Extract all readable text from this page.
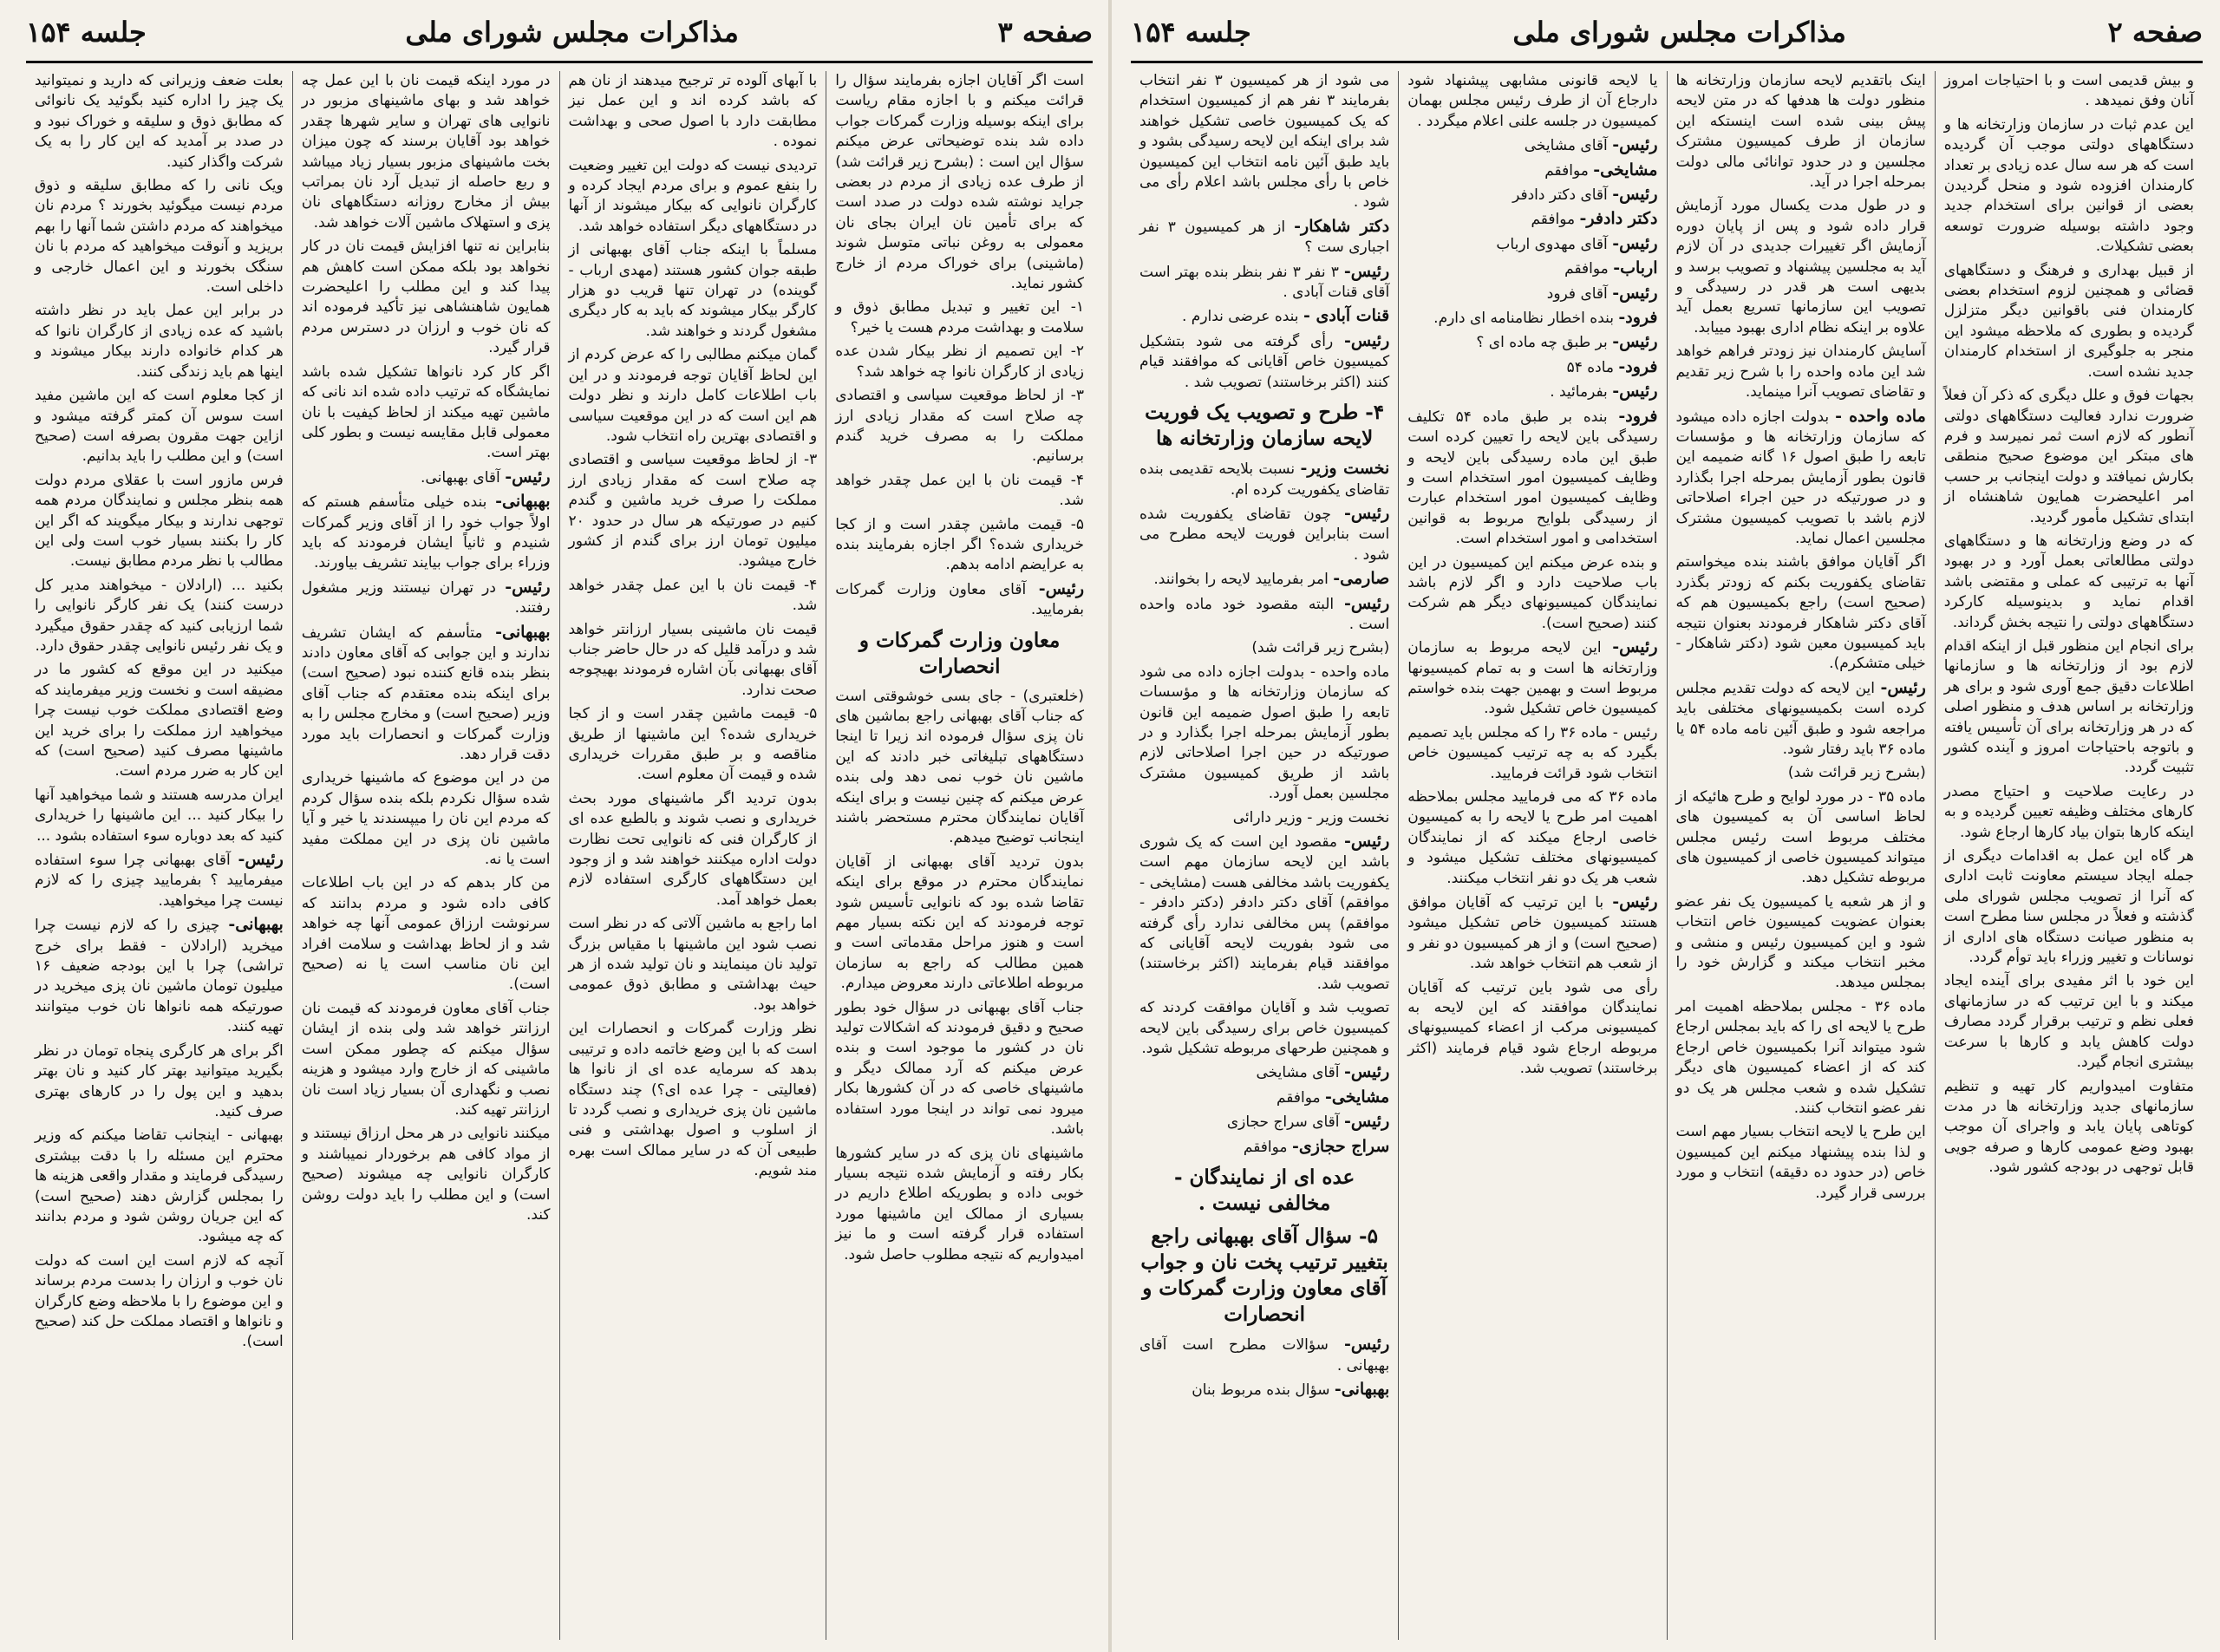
صفحه ۳
مذاکرات مجلس شورای ملی
جلسه ۱۵۴

است اگر آقایان اجازه بفرمایند سؤال را قرائت میکنم و با اجازه مقام ریاست برای اینکه بوسیله وزارت گمرکات جواب داده شد بنده توضیحاتی عرض میکنم سؤال این است : (بشرح زیر قرائت شد) از طرف عده زیادی از مردم در بعضی جراید نوشته شده دولت در صدد است که برای تأمین نان ایران بجای نان معمولی به روغن نباتی متوسل شوند (ماشینی) برای خوراک مردم از خارج کشور نماید.

۱- این تغییر و تبدیل مطابق ذوق و سلامت و بهداشت مردم هست یا خیر؟

۲- این تصمیم از نظر بیکار شدن عده زیادی از کارگران نانوا چه خواهد شد؟

۳- از لحاظ موقعیت سیاسی و اقتصادی چه صلاح است که مقدار زیادی ارز مملکت را به مصرف خرید گندم برسانیم.

۴- قیمت نان با این عمل چقدر خواهد شد.

۵- قیمت ماشین چقدر است و از کجا خریداری شده؟ اگر اجازه بفرمایند بنده به عرایضم ادامه بدهم.

رئیس- آقای معاون وزارت گمرکات بفرمایید.

معاون وزارت گمرکات و انحصارات

(خلعتبری) - جای بسی خوشوقتی است که جناب آقای بهبهانی راجع بماشین های نان پزی سؤال فرموده اند زیرا تا اینجا دستگاههای تبلیغاتی خبر دادند که این ماشین نان خوب نمی دهد ولی بنده عرض میکنم که چنین نیست و برای اینکه آقایان نمایندگان محترم مستحضر باشند اینجانب توضیح میدهم.

بدون تردید آقای بهبهانی از آقایان نمایندگان محترم در موقع برای اینکه تقاضا شده بود که نانوایی تأسیس شود توجه فرمودند که این نکته بسیار مهم است و هنوز مراحل مقدماتی است و همین مطالب که راجع به سازمان مربوطه اطلاعاتی دارند معروض میدارم.

جناب آقای بهبهانی در سؤال خود بطور صحیح و دقیق فرمودند که اشکالات تولید نان در کشور ما موجود است و بنده عرض میکنم که آرد ممالک دیگر و ماشینهای خاصی که در آن کشورها بکار میرود نمی تواند در اینجا مورد استفاده باشد.

ماشینهای نان پزی که در سایر کشورها بکار رفته و آزمایش شده نتیجه بسیار خوبی داده و بطوریکه اطلاع داریم در بسیاری از ممالک این ماشینها مورد استفاده قرار گرفته است و ما نیز امیدواریم که نتیجه مطلوب حاصل شود.

با آبهای آلوده تر ترجیح میدهند از نان هم که باشد کرده اند و این عمل نیز مطابقت دارد با اصول صحی و بهداشت نموده .

تردیدی نیست که دولت این تغییر وضعیت را بنفع عموم و برای مردم ایجاد کرده و کارگران نانوایی که بیکار میشوند از آنها در دستگاههای دیگر استفاده خواهد شد.

مسلماً با اینکه جناب آقای بهبهانی از طبقه جوان کشور هستند (مهدی ارباب - گوینده) در تهران تنها قریب دو هزار کارگر بیکار میشوند که باید به کار دیگری مشغول گردند و خواهند شد.

گمان میکنم مطالبی را که عرض کردم از این لحاظ آقایان توجه فرمودند و در این باب اطلاعات کامل دارند و نظر دولت هم این است که در این موقعیت سیاسی و اقتصادی بهترین راه انتخاب شود.

۳- از لحاظ موقعیت سیاسی و اقتصادی چه صلاح است که مقدار زیادی ارز مملکت را صرف خرید ماشین و گندم کنیم در صورتیکه هر سال در حدود ۲۰ میلیون تومان ارز برای گندم از کشور خارج میشود.

۴- قیمت نان با این عمل چقدر خواهد شد.

قیمت نان ماشینی بسیار ارزانتر خواهد شد و درآمد قلیل که در حال حاضر جناب آقای بهبهانی بآن اشاره فرمودند بهیچوجه صحت ندارد.

۵- قیمت ماشین چقدر است و از کجا خریداری شده؟ این ماشینها از طریق مناقصه و بر طبق مقررات خریداری شده و قیمت آن معلوم است.

بدون تردید اگر ماشینهای مورد بحث خریداری و نصب شوند و بالطبع عده ای از کارگران فنی که نانوایی تحت نظارت دولت اداره میکنند خواهند شد و از وجود این دستگاههای کارگری استفاده لازم بعمل خواهد آمد.

اما راجع به ماشین آلاتی که در نظر است نصب شود این ماشینها با مقیاس بزرگ تولید نان مینمایند و نان تولید شده از هر حیث بهداشتی و مطابق ذوق عمومی خواهد بود.

نظر وزارت گمرکات و انحصارات این است که با این وضع خاتمه داده و ترتیبی بدهد که سرمایه عده ای از نانوا ها (فعالیتی - چرا عده ای؟) چند دستگاه ماشین نان پزی خریداری و نصب گردد تا از اسلوب و اصول بهداشتی و فنی طبیعی آن که در سایر ممالک است بهره مند شویم.

در مورد اینکه قیمت نان با این عمل چه خواهد شد و بهای ماشینهای مزبور در نانوایی های تهران و سایر شهرها چقدر خواهد بود آقایان برسند که چون میزان بخت ماشینهای مزبور بسیار زیاد میباشد و ربع حاصله از تبدیل آرد نان بمراتب بیش از مخارج روزانه دستگاههای نان پزی و استهلاک ماشین آلات خواهد شد.

بنابراین نه تنها افزایش قیمت نان در کار نخواهد بود بلکه ممکن است کاهش هم پیدا کند و این مطلب را اعلیحضرت همایون شاهنشاهی نیز تأکید فرموده اند که نان خوب و ارزان در دسترس مردم قرار گیرد.

اگر کار کرد نانواها تشکیل شده باشد نمایشگاه که ترتیب داده شده اند نانی که ماشین تهیه میکند از لحاظ کیفیت با نان معمولی قابل مقایسه نیست و بطور کلی بهتر است.

رئیس- آقای بهبهانی.

بهبهانی- بنده خیلی متأسفم هستم که اولاً جواب خود را از آقای وزیر گمرکات شنیدم و ثانیاً ایشان فرمودند که باید وزراء برای جواب بیایند تشریف بیاورند.

رئیس- در تهران نیستند وزیر مشغول رفتند.

بهبهانی- متأسفم که ایشان تشریف ندارند و این جوابی که آقای معاون دادند بنظر بنده قانع کننده نبود (صحیح است) برای اینکه بنده معتقدم که جناب آقای وزیر (صحیح است) و مخارج مجلس را به وزارت گمرکات و انحصارات باید مورد دقت قرار دهد.

من در این موضوع که ماشینها خریداری شده سؤال نکردم بلکه بنده سؤال کردم که مردم این نان را میپسندند یا خیر و آیا ماشین نان پزی در این مملکت مفید است یا نه.

من کار بدهم که در این باب اطلاعات کافی داده شود و مردم بدانند که سرنوشت ارزاق عمومی آنها چه خواهد شد و از لحاظ بهداشت و سلامت افراد این نان مناسب است یا نه (صحیح است).

جناب آقای معاون فرمودند که قیمت نان ارزانتر خواهد شد ولی بنده از ایشان سؤال میکنم که چطور ممکن است ماشینی که از خارج وارد میشود و هزینه نصب و نگهداری آن بسیار زیاد است نان ارزانتر تهیه کند.

میکنند نانوایی در هر محل ارزاق نیستند و از مواد کافی هم برخوردار نمیباشند و کارگران نانوایی چه میشوند (صحیح است) و این مطلب را باید دولت روشن کند.

بعلت ضعف وزیرانی که دارید و نمیتوانید یک چیز را اداره کنید بگوئید یک نانوائی که مطابق ذوق و سلیقه و خوراک نبود و در صدد بر آمدید که این کار را به یک شرکت واگذار کنید.

ویک نانی را که مطابق سلیقه و ذوق مردم نیست میگوئید بخورند ؟ مردم نان میخواهند که مردم داشتن شما آنها را بهم بریزید و آنوقت میخواهید که مردم با نان سنگک بخورند و این اعمال خارجی و داخلی است.

در برابر این عمل باید در نظر داشته باشید که عده زیادی از کارگران نانوا که هر کدام خانواده دارند بیکار میشوند و اینها هم باید زندگی کنند.

از کجا معلوم است که این ماشین مفید است سوس آن کمتر گرفته میشود و ازاین جهت مقرون بصرفه است (صحیح است) و این مطلب را باید بدانیم.

فرس مازور است با عقلای مردم دولت همه بنظر مجلس و نمایندگان مردم همه توجهی ندارند و بیکار میگویند که اگر این کار را بکنند بسیار خوب است ولی این مطالب با نظر مردم مطابق نیست.

بکنید ... (ارادلان - میخواهند مدیر کل درست کنند) یک نفر کارگر نانوایی را شما ارزیابی کنید که چقدر حقوق میگیرد و یک نفر رئیس نانوایی چقدر حقوق دارد.

میکنید در این موقع که کشور ما در مضیقه است و نخست وزیر میفرمایند که وضع اقتصادی مملکت خوب نیست چرا میخواهید ارز مملکت را برای خرید این ماشینها مصرف کنید (صحیح است) که این کار به ضرر مردم است.

ایران مدرسه هستند و شما میخواهید آنها را بیکار کنید ... این ماشینها را خریداری کنید که بعد دوباره سوء استفاده بشود ...

رئیس- آقای بهبهانی چرا سوء استفاده میفرمایید ؟ بفرمایید چیزی را که لازم نیست چرا میخواهید.

بهبهانی- چیزی را که لازم نیست چرا میخرید (ارادلان - فقط برای خرج تراشی) چرا با این بودجه ضعیف ۱۶ میلیون تومان ماشین نان پزی میخرید در صورتیکه همه نانواها نان خوب میتوانند تهیه کنند.

اگر برای هر کارگری پنجاه تومان در نظر بگیرید میتوانید بهتر کار کنید و نان بهتر بدهید و این پول را در کارهای بهتری صرف کنید.

بهبهانی - اینجانب تقاضا میکنم که وزیر محترم این مسئله را با دقت بیشتری رسیدگی فرمایند و مقدار واقعی هزینه ها را بمجلس گزارش دهند (صحیح است) که این جریان روشن شود و مردم بدانند که چه میشود.

آنچه که لازم است این است که دولت نان خوب و ارزان را بدست مردم برساند و این موضوع را با ملاحظه وضع کارگران و نانواها و اقتصاد مملکت حل کند (صحیح است).

صفحه ۲
مذاکرات مجلس شورای ملی
جلسه ۱۵۴

و بیش قدیمی است و با احتیاجات امروز آنان وفق نمیدهد .

این عدم ثبات در سازمان وزارتخانه ها و دستگاههای دولتی موجب آن گردیده است که هر سه سال عده زیادی بر تعداد کارمندان افزوده شود و منحل گردیدن بعضی از قوانین برای استخدام جدید وجود داشته بوسیله ضرورت توسعه بعضی تشکیلات.

از قبیل بهداری و فرهنگ و دستگاههای قضائی و همچنین لزوم استخدام بعضی کارمندان فنی باقوانین دیگر متزلزل گردیده و بطوری که ملاحظه میشود این منجر به جلوگیری از استخدام کارمندان جدید نشده است.

بجهات فوق و علل دیگری که ذکر آن فعلاً ضرورت ندارد فعالیت دستگاههای دولتی آنطور که لازم است ثمر نمیرسد و فرم های مبتکر این موضوع صحیح منطقی بکارش نمیافتد و دولت اینجانب بر حسب امر اعلیحضرت همایون شاهنشاه از ابتدای تشکیل مأمور گردید.

که در وضع وزارتخانه ها و دستگاههای دولتی مطالعاتی بعمل آورد و در بهبود آنها به ترتیبی که عملی و مقتضی باشد اقدام نماید و بدینوسیله کارکرد دستگاههای دولتی را نتیجه بخش گرداند.

برای انجام این منظور قبل از اینکه اقدام لازم بود از وزارتخانه ها و سازمانها اطلاعات دقیق جمع آوری شود و برای هر وزارتخانه بر اساس هدف و منظور اصلی که در هر وزارتخانه برای آن تأسیس یافته و باتوجه باحتیاجات امروز و آینده کشور تثبیت گردد.

در رعایت صلاحیت و احتیاج مصدر کارهای مختلف وظیفه تعیین گردیده و به اینکه کارها بتوان بیاد کارها ارجاع شود.

هر گاه این عمل به اقدامات دیگری از جمله ایجاد سیستم معاونت ثابت اداری که آنرا از تصویب مجلس شورای ملی گذشته و فعلاً در مجلس سنا مطرح است به منظور صیانت دستگاه های اداری از نوسانات و تغییر وزراء باید توأم گردد.

این خود با اثر مفیدی برای آینده ایجاد میکند و با این ترتیب که در سازمانهای فعلی نظم و ترتیب برقرار گردد مصارف دولت کاهش یابد و کارها با سرعت بیشتری انجام گیرد.

متفاوت امیدواریم کار تهیه و تنظیم سازمانهای جدید وزارتخانه ها در مدت کوتاهی پایان یابد و واجرای آن موجب بهبود وضع عمومی کارها و صرفه جویی قابل توجهی در بودجه کشور شود.

اینک باتقدیم لایحه سازمان وزارتخانه ها منظور دولت ها هدفها که در متن لایحه پیش بینی شده است اینستکه این سازمان از طرف کمیسیون مشترک مجلسین و در حدود توانائی مالی دولت بمرحله اجرا در آید.

و در طول مدت یکسال مورد آزمایش قرار داده شود و پس از پایان دوره آزمایش اگر تغییرات جدیدی در آن لازم آید به مجلسین پیشنهاد و تصویب برسد و بدیهی است هر قدر در رسیدگی و تصویب این سازمانها تسریع بعمل آید علاوه بر اینکه نظام اداری بهبود مییابد.

آسایش کارمندان نیز زودتر فراهم خواهد شد این ماده واحده را با شرح زیر تقدیم و تقاضای تصویب آنرا مینماید.

ماده واحده - بدولت اجازه داده میشود که سازمان وزارتخانه ها و مؤسسات تابعه را طبق اصول ۱۶ گانه ضمیمه این قانون بطور آزمایش بمرحله اجرا بگذارد و در صورتیکه در حین اجراء اصلاحاتی لازم باشد با تصویب کمیسیون مشترک مجلسین اعمال نماید.

اگر آقایان موافق باشند بنده میخواستم تقاضای یکفوریت بکنم که زودتر بگذرد (صحیح است) راجع بکمیسیون هم که آقای دکتر شاهکار فرمودند بعنوان نتیجه باید کمیسیون معین شود (دکتر شاهکار - خیلی متشکرم).

رئیس- این لایحه که دولت تقدیم مجلس کرده است بکمیسیونهای مختلفی باید مراجعه شود و طبق آئین نامه ماده ۵۴ یا ماده ۳۶ باید رفتار شود.

(بشرح زیر قرائت شد)

ماده ۳۵ - در مورد لوایح و طرح هائیکه از لحاظ اساسی آن به کمیسیون های مختلف مربوط است رئیس مجلس میتواند کمیسیون خاصی از کمیسیون های مربوطه تشکیل دهد.

و از هر شعبه یا کمیسیون یک نفر عضو بعنوان عضویت کمیسیون خاص انتخاب شود و این کمیسیون رئیس و منشی و مخبر انتخاب میکند و گزارش خود را بمجلس میدهد.

ماده ۳۶ - مجلس بملاحظه اهمیت امر طرح یا لایحه ای را که باید بمجلس ارجاع شود میتواند آنرا بکمیسیون خاص ارجاع کند که از اعضاء کمیسیون های دیگر تشکیل شده و شعب مجلس هر یک دو نفر عضو انتخاب کنند.

این طرح یا لایحه انتخاب بسیار مهم است و لذا بنده پیشنهاد میکنم این کمیسیون خاص (در حدود ده دقیقه) انتخاب و مورد بررسی قرار گیرد.

یا لایحه قانونی مشابهی پیشنهاد شود دارجاع آن از طرف رئیس مجلس بهمان کمیسیون در جلسه علنی اعلام میگردد .

رئیس- آقای مشایخی

مشایخی- موافقم

رئیس- آقای دکتر دادفر

دکتر دادفر- موافقم

رئیس- آقای مهدوی ارباب

ارباب- موافقم

رئیس- آقای فرود

فرود- بنده اخطار نظامنامه ای دارم.

رئیس- بر طبق چه ماده ای ؟

فرود- ماده ۵۴

رئیس- بفرمائید .

فرود- بنده بر طبق ماده ۵۴ تکلیف رسیدگی باین لایحه را تعیین کرده است طبق این ماده رسیدگی باین لایحه و وظایف کمیسیون امور استخدام است و وظایف کمیسیون امور استخدام عبارت از رسیدگی بلوایح مربوط به قوانین استخدامی و امور استخدام است.

و بنده عرض میکنم این کمیسیون در این باب صلاحیت دارد و اگر لازم باشد نمایندگان کمیسیونهای دیگر هم شرکت کنند (صحیح است).

رئیس- این لایحه مربوط به سازمان وزارتخانه ها است و به تمام کمیسیونها مربوط است و بهمین جهت بنده خواستم کمیسیون خاص تشکیل شود.

رئیس - ماده ۳۶ را که مجلس باید تصمیم بگیرد که به چه ترتیب کمیسیون خاص انتخاب شود قرائت فرمایید.

ماده ۳۶ که می فرمایید مجلس بملاحظه اهمیت امر طرح یا لایحه را به کمیسیون خاصی ارجاع میکند که از نمایندگان کمیسیونهای مختلف تشکیل میشود و شعب هر یک دو نفر انتخاب میکنند.

رئیس- با این ترتیب که آقایان موافق هستند کمیسیون خاص تشکیل میشود (صحیح است) و از هر کمیسیون دو نفر و از شعب هم انتخاب خواهد شد.

رأی می شود باین ترتیب که آقایان نمایندگان موافقند که این لایحه به کمیسیونی مرکب از اعضاء کمیسیونهای مربوطه ارجاع شود قیام فرمایند (اکثر برخاستند) تصویب شد.

می شود از هر کمیسیون ۳ نفر انتخاب بفرمایند ۳ نفر هم از کمیسیون استخدام که یک کمیسیون خاصی تشکیل خواهند شد برای اینکه این لایحه رسیدگی بشود و باید طبق آئین نامه انتخاب این کمیسیون خاص با رأی مجلس باشد اعلام رأی می شود .

دکتر شاهکار- از هر کمیسیون ۳ نفر اجباری ست ؟

رئیس- ۳ نفر ۳ نفر بنظر بنده بهتر است آقای قنات آبادی .

قنات آبادی - بنده عرضی ندارم .

رئیس- رأی گرفته می شود بتشکیل کمیسیون خاص آقایانی که موافقند قیام کنند (اکثر برخاستند) تصویب شد .

۴- طرح و تصویب یک فوریت لایحه سازمان وزارتخانه ها

نخست وزیر- نسبت بلایحه تقدیمی بنده تقاضای یکفوریت کرده ام.

رئیس- چون تقاضای یکفوریت شده است بنابراین فوریت لایحه مطرح می شود .

صارمی- امر بفرمایید لایحه را بخوانند.

رئیس- البته مقصود خود ماده واحده است .

(بشرح زیر قرائت شد)

ماده واحده - بدولت اجازه داده می شود که سازمان وزارتخانه ها و مؤسسات تابعه را طبق اصول ضمیمه این قانون بطور آزمایش بمرحله اجرا بگذارد و در صورتیکه در حین اجرا اصلاحاتی لازم باشد از طریق کمیسیون مشترک مجلسین بعمل آورد.

نخست وزیر - وزیر دارائی

رئیس- مقصود این است که یک شوری باشد این لایحه سازمان مهم است یکفوریت باشد مخالفی هست (مشایخی - موافقم) آقای دکتر دادفر (دکتر دادفر - موافقم) پس مخالفی ندارد رأی گرفته می شود بفوریت لایحه آقایانی که موافقند قیام بفرمایند (اکثر برخاستند) تصویب شد.

تصویب شد و آقایان موافقت کردند که کمیسیون خاص برای رسیدگی باین لایحه و همچنین طرحهای مربوطه تشکیل شود.

رئیس- آقای مشایخی

مشایخی- موافقم

رئیس- آقای سراج حجازی

سراج حجازی- موافقم

عده ای از نمایندگان - مخالفی نیست .
۵- سؤال آقای بهبهانی راجع بتغییر ترتیب پخت نان و جواب آقای معاون وزارت گمرکات و انحصارات

رئیس- سؤالات مطرح است آقای بهبهانی .

بهبهانی- سؤال بنده مربوط بنان
